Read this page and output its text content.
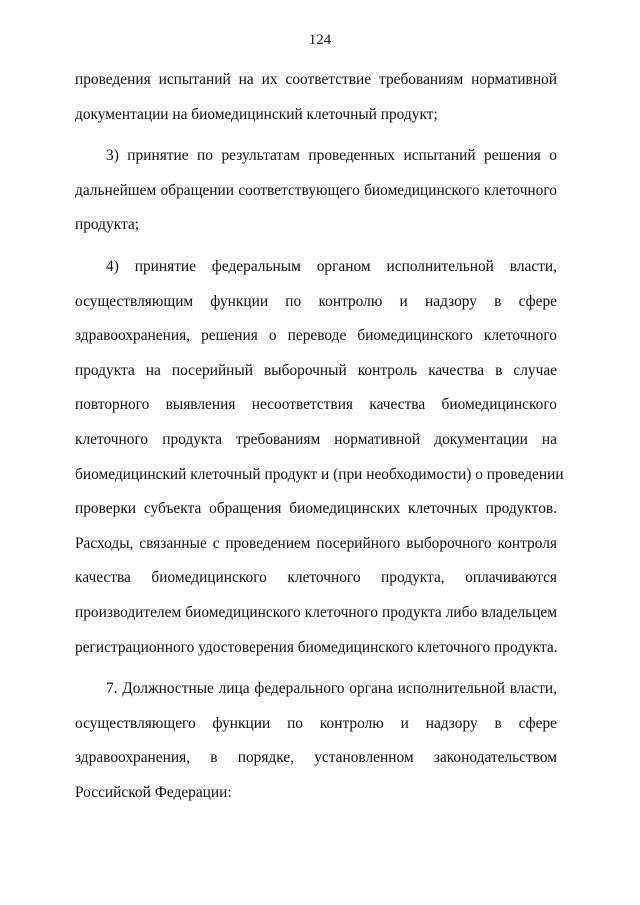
124
проведения испытаний на их соответствие требованиям нормативной
документации на биомедицинский клеточный продукт;
3) принятие по результатам проведенных испытаний решения о
дальнейшем обращении соответствующего биомедицинского клеточного
продукта;
4) принятие федеральным органом исполнительной власти,
осуществляющим функции по контролю и надзору в сфере
здравоохранения, решения о переводе биомедицинского клеточного
продукта на посерийный выборочный контроль качества в случае
повторного выявления несоответствия качества биомедицинского
клеточного продукта требованиям нормативной документации на
биомедицинский клеточный продукт и (при необходимости) о проведении
проверки субъекта обращения биомедицинских клеточных продуктов.
Расходы, связанные с проведением посерийного выборочного контроля
качества биомедицинского клеточного продукта, оплачиваются
производителем биомедицинского клеточного продукта либо владельцем
регистрационного удостоверения биомедицинского клеточного продукта.
7. Должностные лица федерального органа исполнительной власти,
осуществляющего функции по контролю и надзору в сфере
здравоохранения, в порядке, установленном законодательством
Российской Федерации:
